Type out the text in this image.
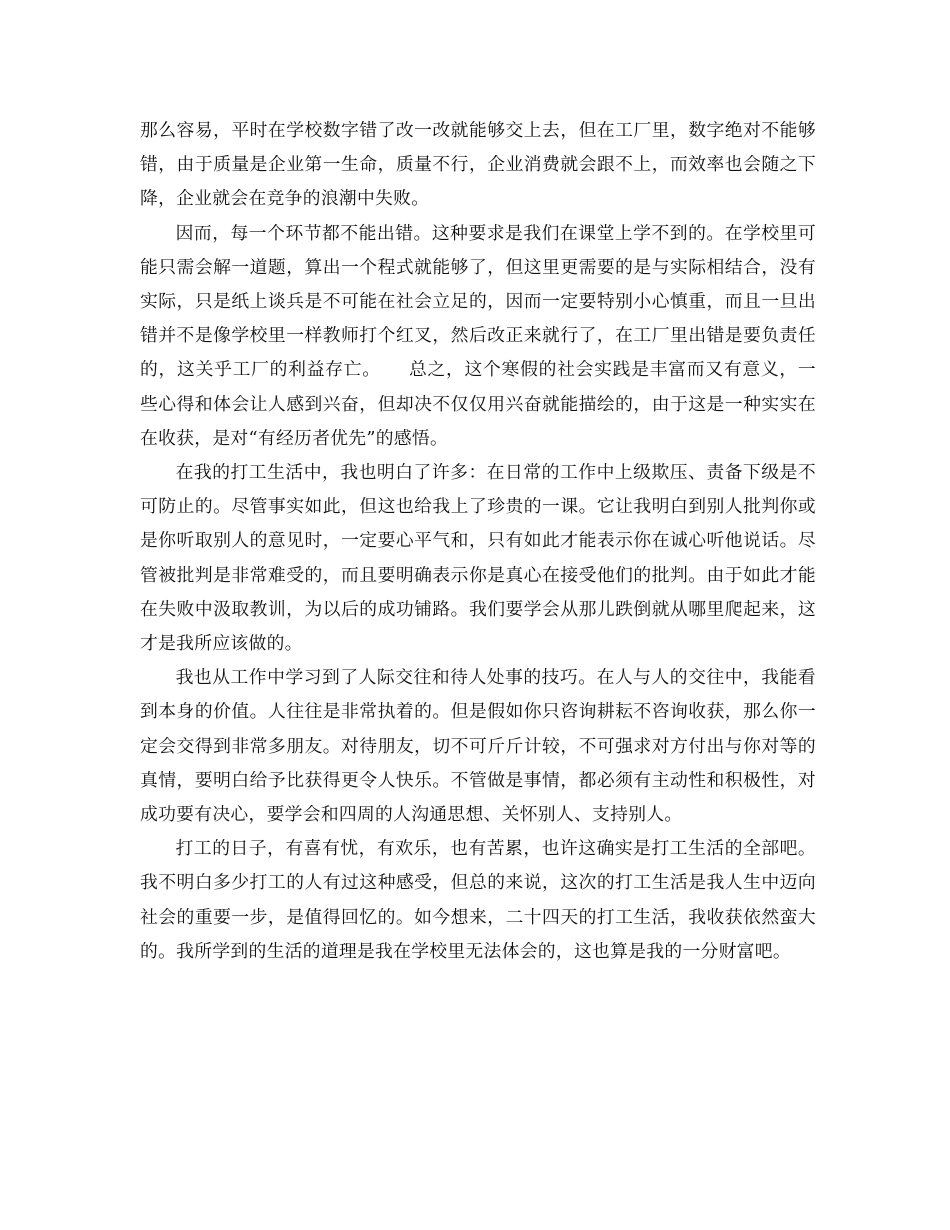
那么容易，平时在学校数字错了改一改就能够交上去，但在工厂里，数字绝对不能够错，由于质量是企业第一生命，质量不行，企业消费就会跟不上，而效率也会随之下降，企业就会在竞争的浪潮中失败。

因而，每一个环节都不能出错。这种要求是我们在课堂上学不到的。在学校里可能只需会解一道题，算出一个程式就能够了，但这里更需要的是与实际相结合，没有实际，只是纸上谈兵是不可能在社会立足的，因而一定要特别小心慎重，而且一旦出错并不是像学校里一样教师打个红叉，然后改正来就行了，在工厂里出错是要负责任的，这关乎工厂的利益存亡。　　总之，这个寒假的社会实践是丰富而又有意义，一些心得和体会让人感到兴奋，但却决不仅仅用兴奋就能描绘的，由于这是一种实实在在收获，是对“有经历者优先”的感悟。

在我的打工生活中，我也明白了许多：在日常的工作中上级欺压、责备下级是不可防止的。尽管事实如此，但这也给我上了珍贵的一课。它让我明白到别人批判你或是你听取别人的意见时，一定要心平气和，只有如此才能表示你在诚心听他说话。尽管被批判是非常难受的，而且要明确表示你是真心在接受他们的批判。由于如此才能在失败中汲取教训，为以后的成功铺路。我们要学会从那儿跌倒就从哪里爬起来，这才是我所应该做的。

我也从工作中学习到了人际交往和待人处事的技巧。在人与人的交往中，我能看到本身的价值。人往往是非常执着的。但是假如你只咨询耕耘不咨询收获，那么你一定会交得到非常多朋友。对待朋友，切不可斤斤计较，不可强求对方付出与你对等的真情，要明白给予比获得更令人快乐。不管做是事情，都必须有主动性和积极性，对成功要有决心，要学会和四周的人沟通思想、关怀别人、支持别人。

打工的日子，有喜有忧，有欢乐，也有苦累，也许这确实是打工生活的全部吧。我不明白多少打工的人有过这种感受，但总的来说，这次的打工生活是我人生中迈向社会的重要一步，是值得回忆的。如今想来，二十四天的打工生活，我收获依然蛮大的。我所学到的生活的道理是我在学校里无法体会的，这也算是我的一分财富吧。
